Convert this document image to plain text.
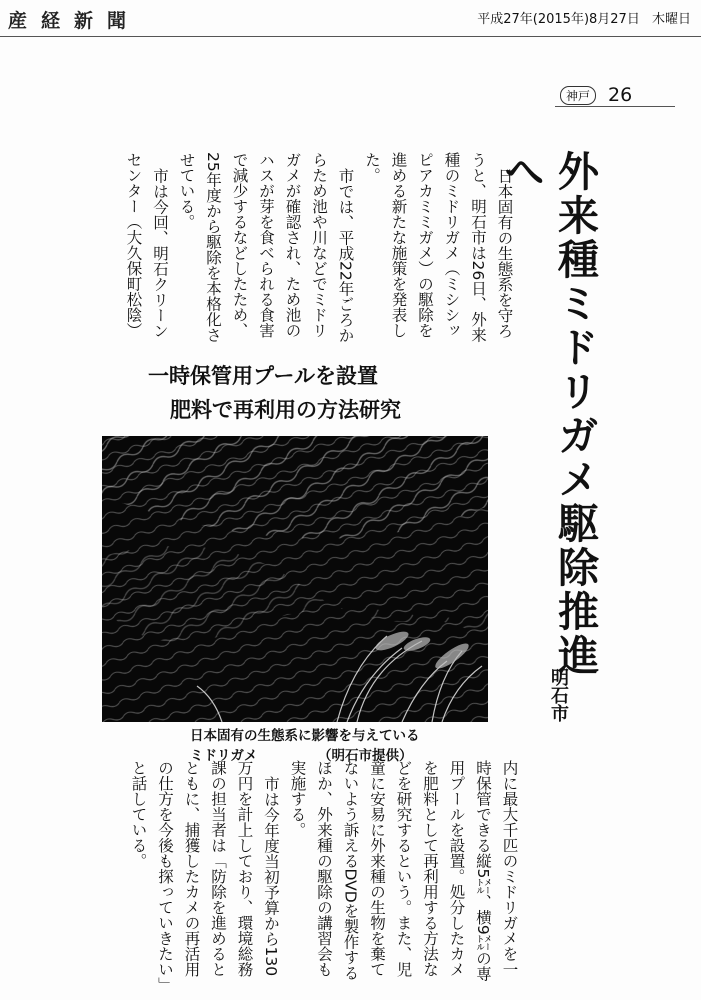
産経新聞	平成27年(2015年)8月27日 木曜日
神戸 26
外来種ミドリガメ駆除推進へ
明石市

日本固有の生態系を守ろうと、明石市は26日、外来種のミドリガメ（ミシシッピアカミミガメ）の駆除を進める新たな施策を発表した。

市では、平成22年ごろからため池や川などでミドリガメが確認され、ため池のハスが芽を食べられる食害で減少するなどしたため、25年度から駆除を本格化させている。

市は今回、明石クリーンセンター（大久保町松陰）

一時保管用プールを設置
肥料で再利用の方法研究
日本固有の生態系に影響を与えているミドリガメ	（明石市提供）

内に最大千匹のミドリガメを一時保管できる縦5㍍、横9㍍の専用プールを設置。処分したカメを肥料として再利用する方法などを研究するという。また、児童に安易に外来種の生物を棄てないよう訴えるDVDを製作するほか、外来種の駆除の講習会も実施する。

市は今年度当初予算から130万円を計上しており、環境総務課の担当者は「防除を進めるとともに、捕獲したカメの再活用の仕方を今後も探っていきたい」と話している。
